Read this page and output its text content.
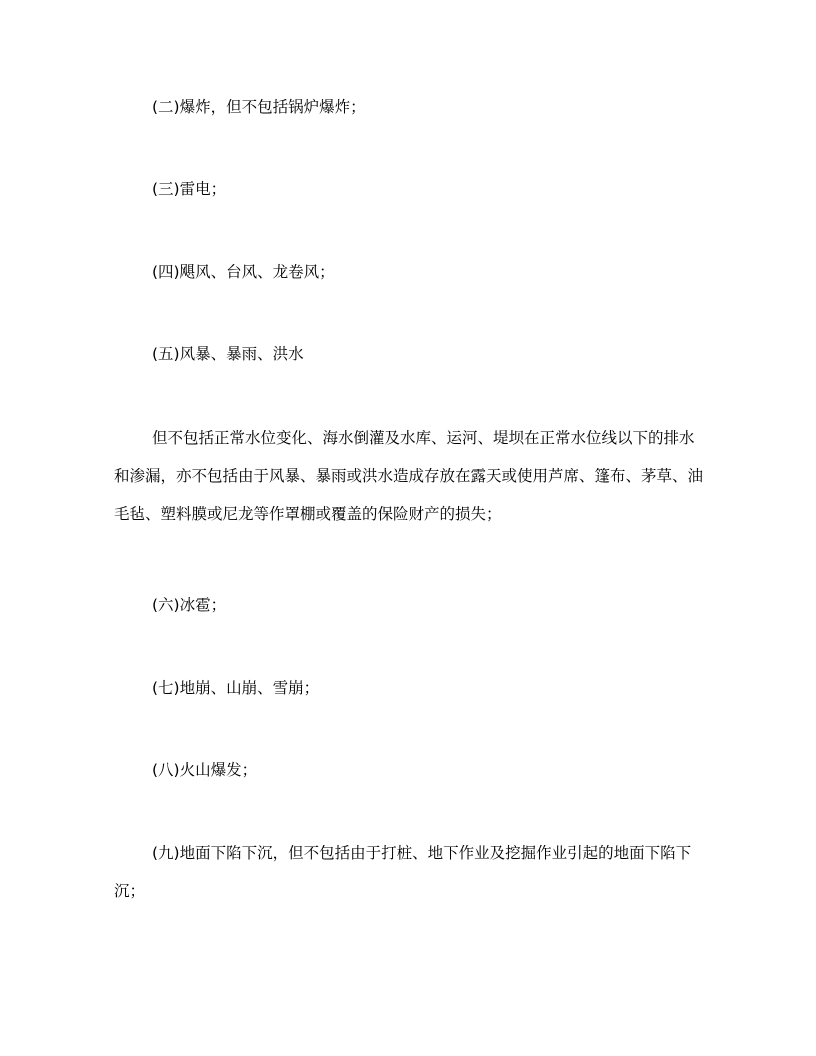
(二)爆炸，但不包括锅炉爆炸；

(三)雷电；

(四)飓风、台风、龙卷风；

(五)风暴、暴雨、洪水

但不包括正常水位变化、海水倒灌及水库、运河、堤坝在正常水位线以下的排水和渗漏，亦不包括由于风暴、暴雨或洪水造成存放在露天或使用芦席、篷布、茅草、油毛毡、塑料膜或尼龙等作罩棚或覆盖的保险财产的损失；

(六)冰雹；

(七)地崩、山崩、雪崩；

(八)火山爆发；

(九)地面下陷下沉，但不包括由于打桩、地下作业及挖掘作业引起的地面下陷下沉；
